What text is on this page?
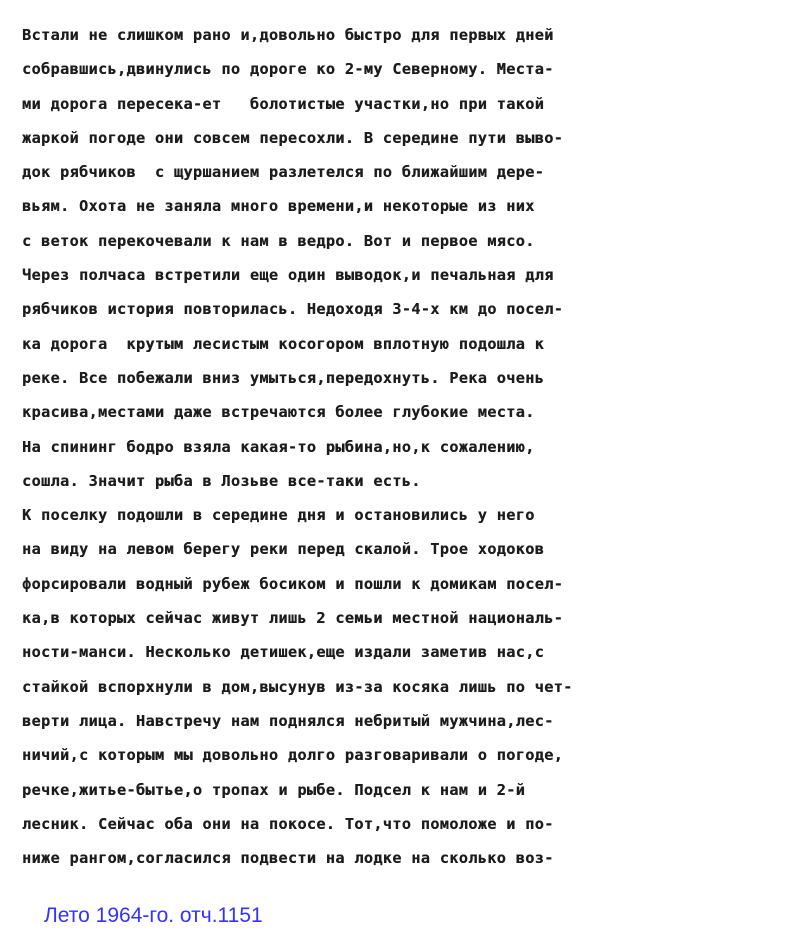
Встали не слишком рано и,довольно быстро для первых дней
собравшись,двинулись по дороге ко 2-му Северному. Места-
ми дорога пересека-ет   болотистые участки,но при такой
жаркой погоде они совсем пересохли. В середине пути выво-
док рябчиков  с щуршанием разлетелся по ближайшим дере-
вьям. Охота не заняла много времени,и некоторые из них
с веток перекочевали к нам в ведро. Вот и первое мясо.
Через полчаса встретили еще один выводок,и печальная для
рябчиков история повторилась. Недоходя 3-4-х км до посел-
ка дорога  крутым лесистым косогором вплотную подошла к
реке. Все побежали вниз умыться,передохнуть. Река очень
красива,местами даже встречаются более глубокие места.
На спининг бодро взяла какая-то рыбина,но,к сожалению,
сошла. Значит рыба в Лозьве все-таки есть.
К поселку подошли в середине дня и остановились у него
на виду на левом берегу реки перед скалой. Трое ходоков
форсировали водный рубеж босиком и пошли к домикам посел-
ка,в которых сейчас живут лишь 2 семьи местной националь-
ности-манси. Несколько детишек,еще издали заметив нас,с
стайкой вспорхнули в дом,высунув из-за косяка лишь по чет-
верти лица. Навстречу нам поднялся небритый мужчина,лес-
ничий,с которым мы довольно долго разговаривали о погоде,
речке,житье-бытье,о тропах и рыбе. Подсел к нам и 2-й
лесник. Сейчас оба они на покосе. Тот,что помоложе и по-
ниже рангом,согласился подвести на лодке на сколько воз-
Лето 1964-го. отч.1151
